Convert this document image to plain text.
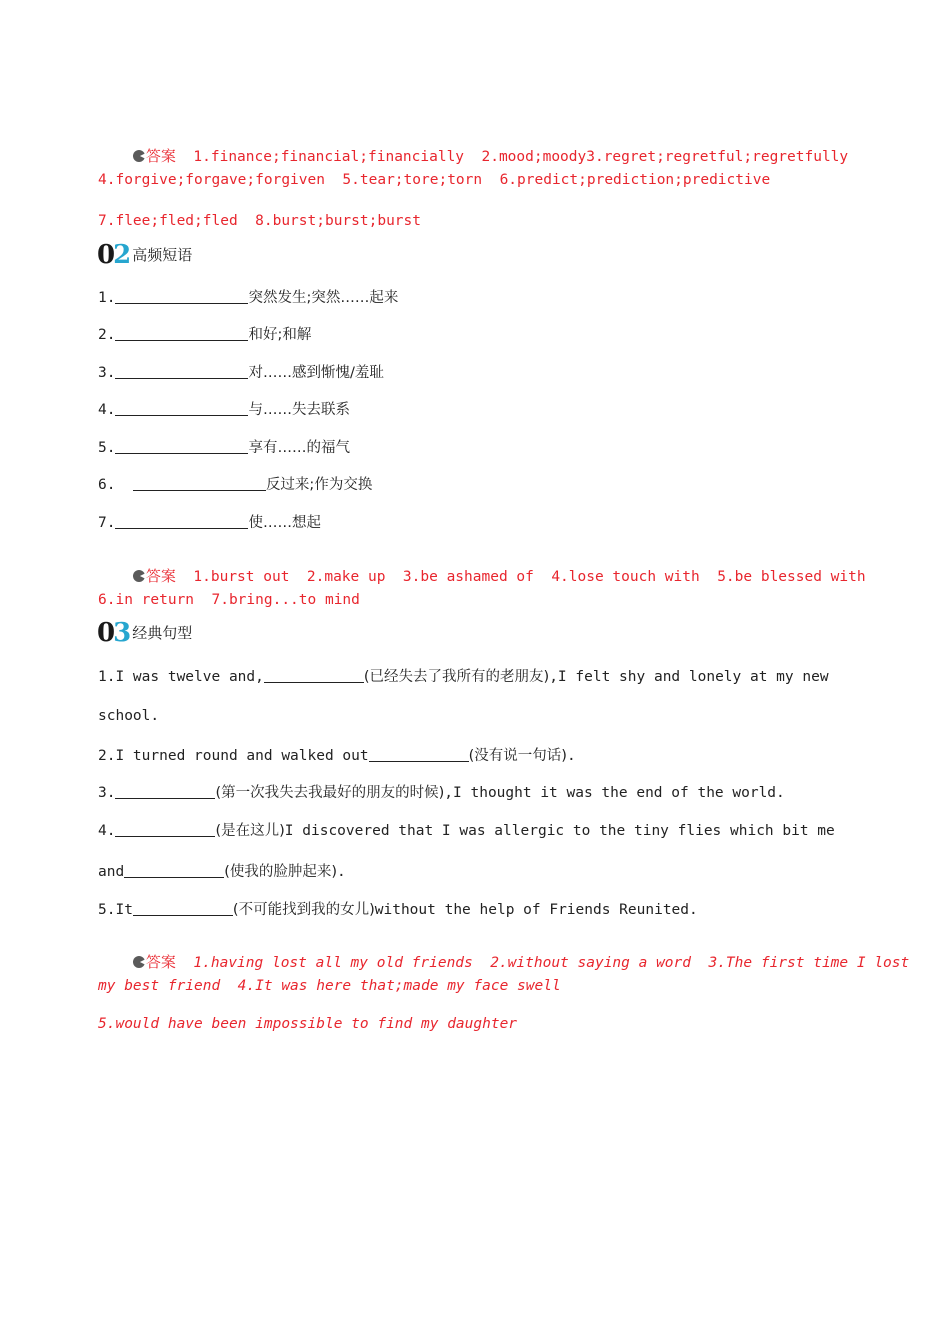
答案 1.finance;financial;financially  2.mood;moody3.regret;regretful;regretfully

4.forgive;forgave;forgiven  5.tear;tore;torn  6.predict;prediction;predictive
7.flee;fled;fled  8.burst;burst;burst
02高频短语
1.	突然发生;突然……起来
2.	和好;和解
3.	对……感到惭愧/羞耻
4.	与……失去联系
5.	享有……的福气
6.	反过来;作为交换
7.	使……想起

答案 1.burst out  2.make up  3.be ashamed of  4.lose touch with  5.be blessed with

6.in return  7.bring...to mind
03经典句型
1.I was twelve and,	(已经失去了我所有的老朋友),I felt shy and lonely at my new
school.
2.I turned round and walked out	(没有说一句话).
3.	(第一次我失去我最好的朋友的时候),I thought it was the end of the world.
4.	(是在这儿)I discovered that I was allergic to the tiny flies which bit me
and	(使我的脸肿起来).
5.It	(不可能找到我的女儿)without the help of Friends Reunited.

答案 1.having lost all my old friends  2.without saying a word  3.The first time I lost

my best friend  4.It was here that;made my face swell
5.would have been impossible to find my daughter
